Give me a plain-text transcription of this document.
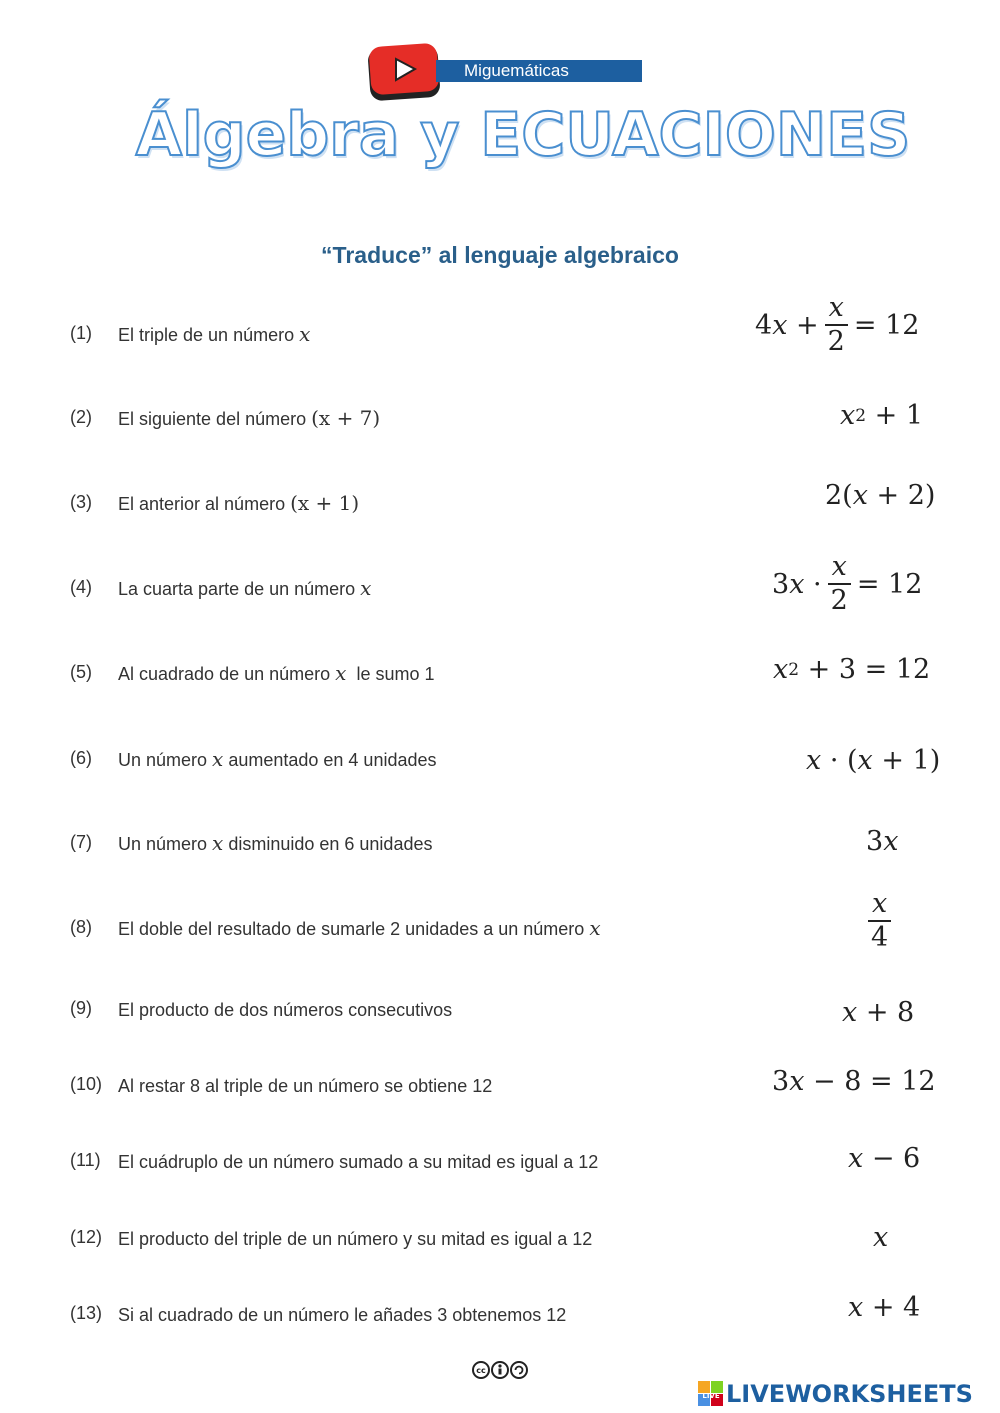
Miguemáticas
Álgebra y ECUACIONES
“Traduce” al lenguaje algebraico
(1) El triple de un número x
(2) El siguiente del número (x + 7)
(3) El anterior al número (x + 1)
(4) La cuarta parte de un número x
(5) Al cuadrado de un número x  le sumo 1
(6) Un número x aumentado en 4 unidades
(7) Un número x disminuido en 6 unidades
(8) El doble del resultado de sumarle 2 unidades a un número x
(9) El producto de dos números consecutivos
(10) Al restar 8 al triple de un número se obtiene 12
(11) El cuádruplo de un número sumado a su mitad es igual a 12
(12) El producto del triple de un número y su mitad es igual a 12
(13) Si al cuadrado de un número le añades 3 obtenemos 12
4 x
+ $\frac{x}{2} = 12$
x 2
+ 1
2( x
+ 2)
3 x
· $\frac{x}{2} = 12$
x 2
+ 3 = 12
x
· ( x
+ 1)
3 x
$\frac{x}{4}$
x
+ 8
3 x
− 8 = 12
x
− 6
x
x
+ 4
cc
LIVE LIVEWORKSHEETS
